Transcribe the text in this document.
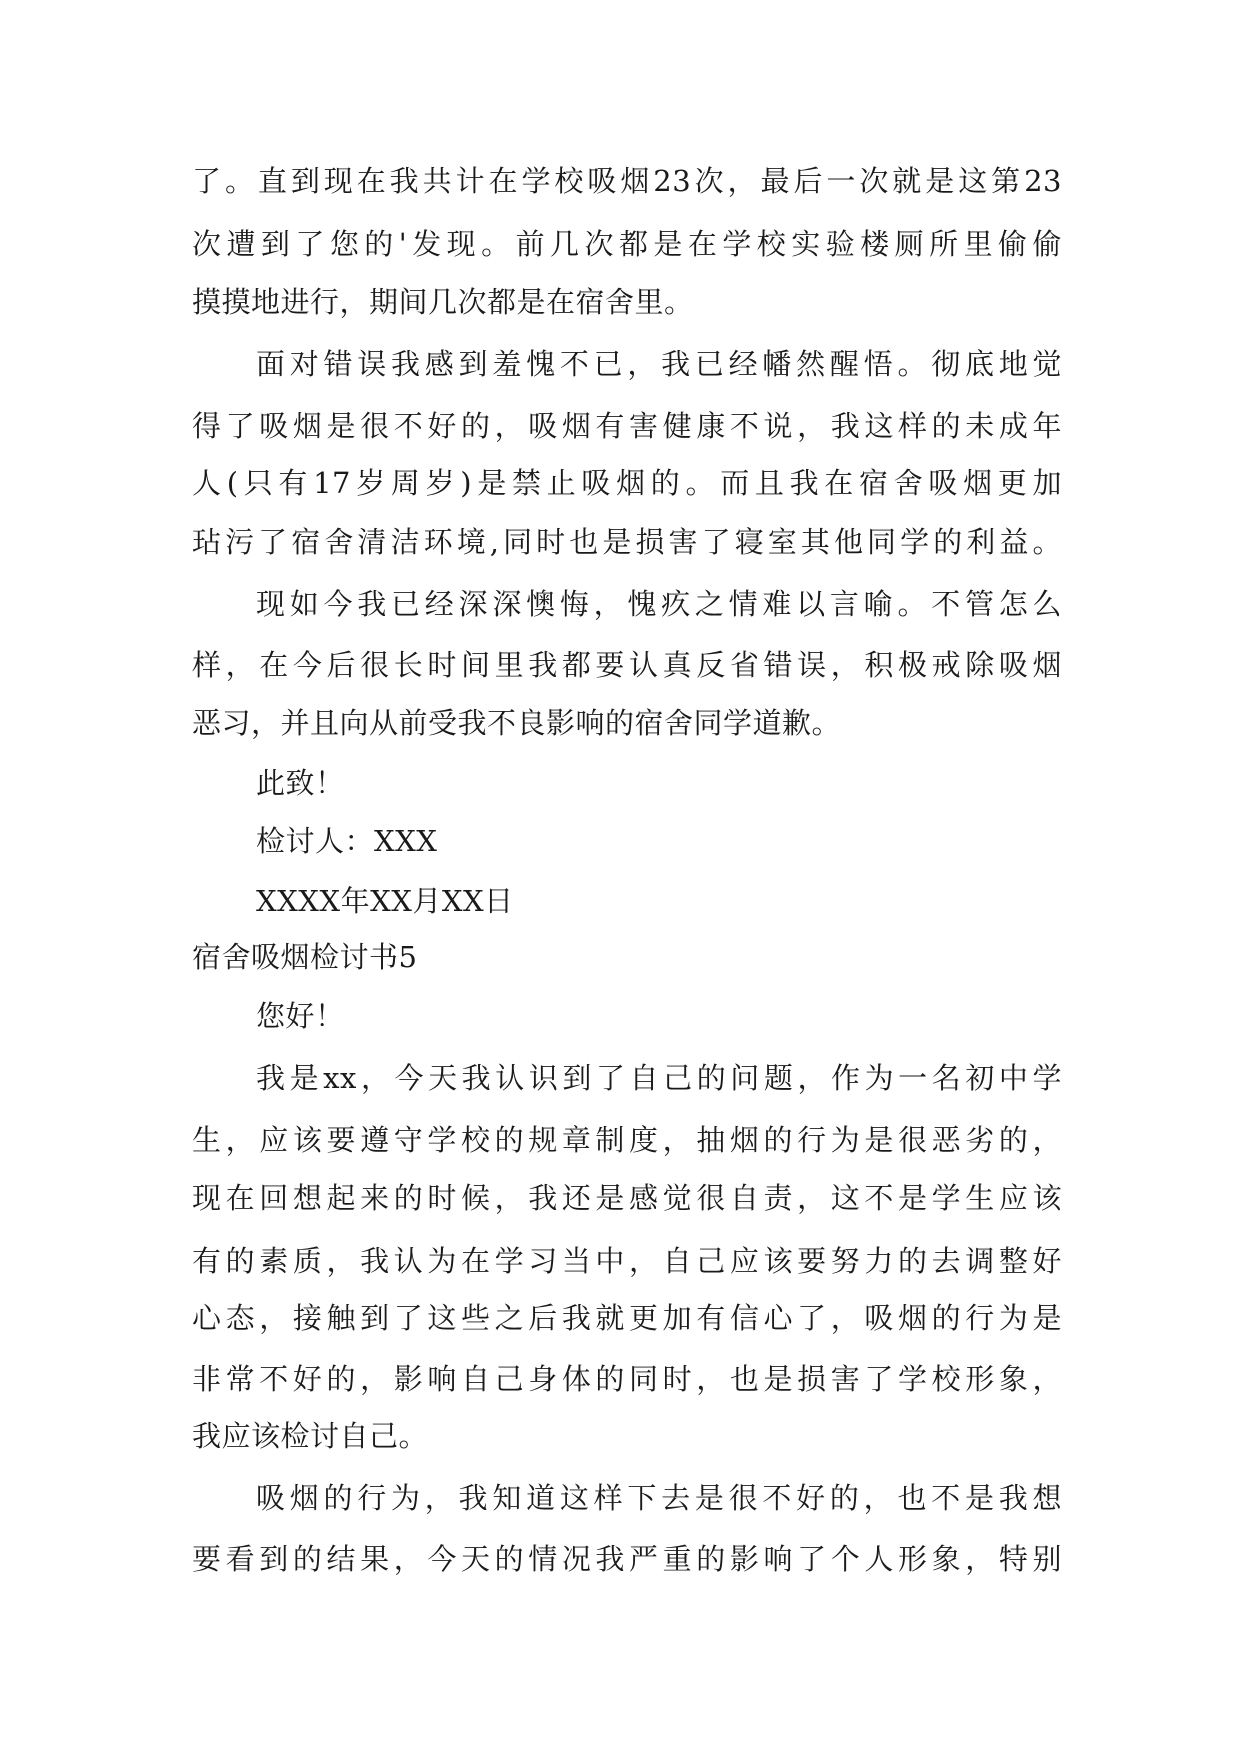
了。直到现在我共计在学校吸烟23次，最后一次就是这第23
次遭到了您的'发现。前几次都是在学校实验楼厕所里偷偷
摸摸地进行，期间几次都是在宿舍里。
面对错误我感到羞愧不已，我已经幡然醒悟。彻底地觉
得了吸烟是很不好的，吸烟有害健康不说，我这样的未成年
人(只有17岁周岁)是禁止吸烟的。而且我在宿舍吸烟更加
玷污了宿舍清洁环境,同时也是损害了寝室其他同学的利益。
现如今我已经深深懊悔，愧疚之情难以言喻。不管怎么
样，在今后很长时间里我都要认真反省错误，积极戒除吸烟
恶习，并且向从前受我不良影响的宿舍同学道歉。
此致！
检讨人：XXX
XXXX年XX月XX日
宿舍吸烟检讨书5
您好！
我是xx，今天我认识到了自己的问题，作为一名初中学
生，应该要遵守学校的规章制度，抽烟的行为是很恶劣的，
现在回想起来的时候，我还是感觉很自责，这不是学生应该
有的素质，我认为在学习当中，自己应该要努力的去调整好
心态，接触到了这些之后我就更加有信心了，吸烟的行为是
非常不好的，影响自己身体的同时，也是损害了学校形象，
我应该检讨自己。
吸烟的行为，我知道这样下去是很不好的，也不是我想
要看到的结果，今天的情况我严重的影响了个人形象，特别
